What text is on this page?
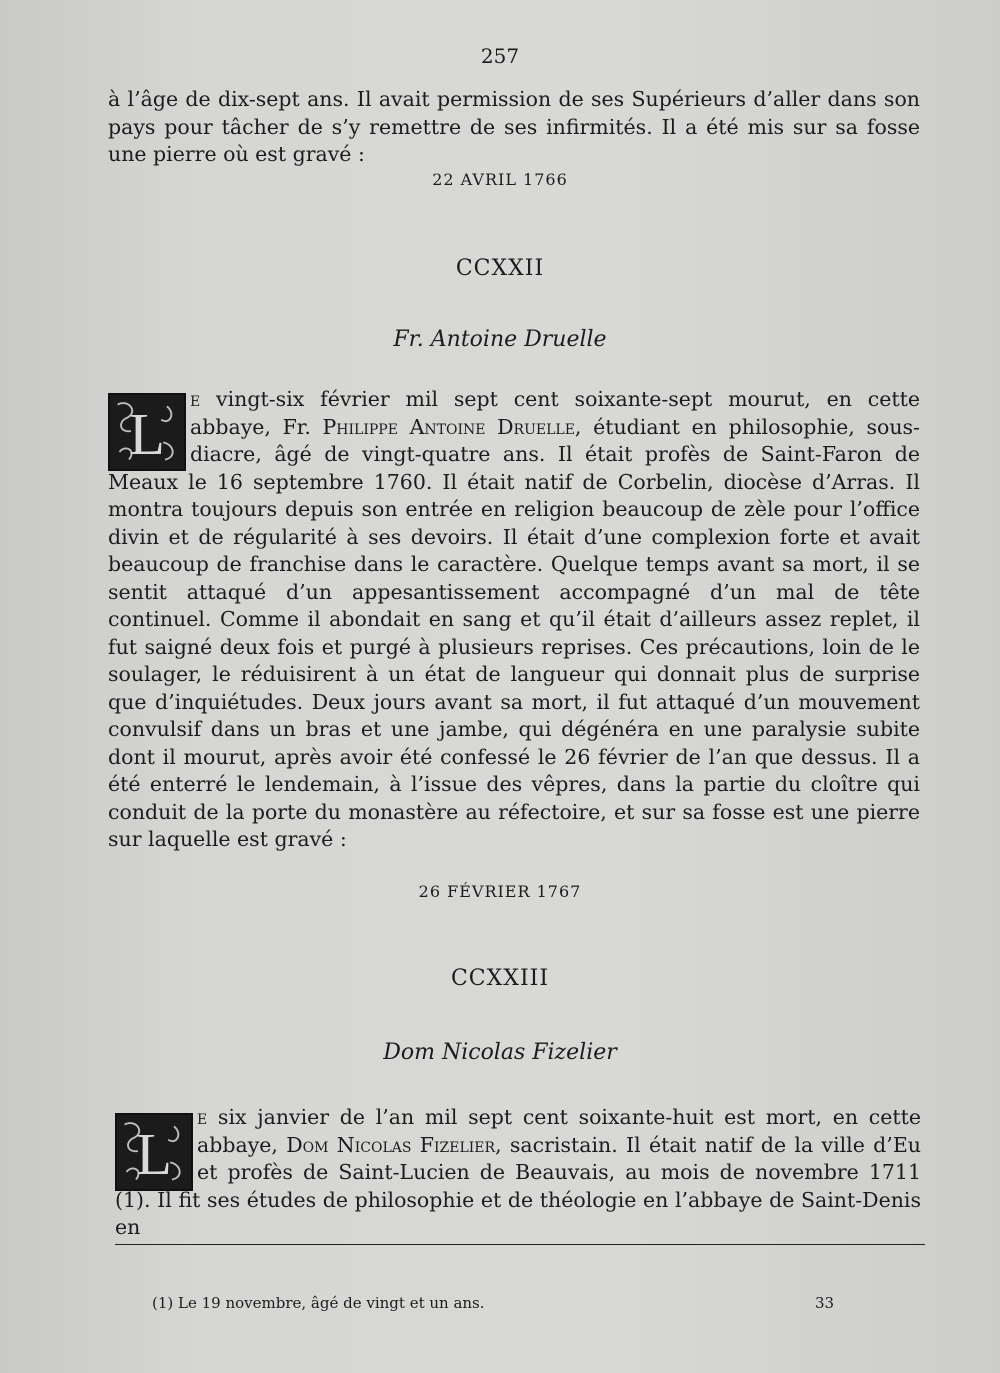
257
à l’âge de dix-sept ans. Il avait permission de ses Supérieurs d’aller dans son pays pour tâcher de s’y remettre de ses infirmités. Il a été mis sur sa fosse une pierre où est gravé :
22 AVRIL 1766
CCXXII
Fr. Antoine Druelle
L
e vingt-six février mil sept cent soixante-sept mourut, en cette abbaye, Fr. Philippe Antoine Druelle, étudiant en philosophie, sous-diacre, âgé de vingt-quatre ans. Il était profès de Saint-Faron de Meaux le 16 septembre 1760. Il était natif de Corbelin, diocèse d’Arras. Il montra toujours depuis son entrée en religion beaucoup de zèle pour l’office divin et de régularité à ses devoirs. Il était d’une complexion forte et avait beaucoup de franchise dans le caractère. Quelque temps avant sa mort, il se sentit attaqué d’un appesantissement accompagné d’un mal de tête continuel. Comme il abondait en sang et qu’il était d’ailleurs assez replet, il fut saigné deux fois et purgé à plusieurs reprises. Ces précautions, loin de le soulager, le réduisirent à un état de langueur qui donnait plus de surprise que d’inquiétudes. Deux jours avant sa mort, il fut attaqué d’un mouvement convulsif dans un bras et une jambe, qui dégénéra en une paralysie subite dont il mourut, après avoir été confessé le 26 février de l’an que dessus. Il a été enterré le lendemain, à l’issue des vêpres, dans la partie du cloître qui conduit de la porte du monastère au réfectoire, et sur sa fosse est une pierre sur laquelle est gravé :
26 FÉVRIER 1767
CCXXIII
Dom Nicolas Fizelier
L
e six janvier de l’an mil sept cent soixante-huit est mort, en cette abbaye, Dom Nicolas Fizelier, sacristain. Il était natif de la ville d’Eu et profès de Saint-Lucien de Beauvais, au mois de novembre 1711 (1). Il fit ses études de philosophie et de théologie en l’abbaye de Saint-Denis en
(1) Le 19 novembre, âgé de vingt et un ans.	33
